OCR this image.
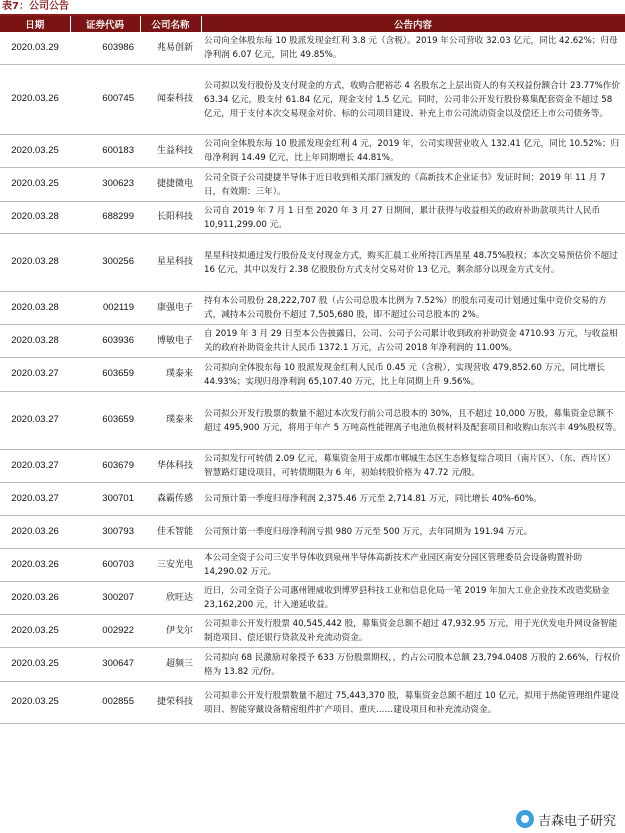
表7：公司公告
日期	证券代码	公司名称	公告内容

2020.03.29	603986	兆易创新	公司向全体股东每 10 股派发现金红利 3.8 元（含税）。2019 年公司营收 32.03 亿元，同比 42.62%；归母净利润 6.07 亿元，同比 49.85%。

2020.03.26	600745	闻泰科技	公司拟以发行股份及支付现金的方式，收购合肥裕芯 4 名股东之上层出资人的有关权益份额合计 23.77%作价 63.34 亿元，股支付 61.84 亿元，现金支付 1.5 亿元。同时，公司非公开发行股份募集配套资金不超过 58 亿元，用于支付本次交易现金对价、标的公司项目建设、补充上市公司流动资金以及偿还上市公司债务等。

2020.03.25	600183	生益科技	公司向全体股东每 10 股派发现金红利 4 元，2019 年，公司实现营业收入 132.41 亿元，同比 10.52%；归母净利润 14.49 亿元，比上年同期增长 44.81%。

2020.03.25	300623	捷捷微电	公司全资子公司捷捷半导体于近日收到相关部门颁发的《高新技术企业证书》发证时间：2019 年 11 月 7 日，有效期：三年）。

2020.03.28	688299	长阳科技	公司自 2019 年 7 月 1 日至 2020 年 3 月 27 日期间，累计获得与收益相关的政府补助款项共计人民币 10,911,299.00 元。

2020.03.28	300256	星星科技	星星科技拟通过发行股份及支付现金方式，购买汇晨工业所持江西星星 48.75%股权；本次交易预估价不超过 16 亿元，其中以发行 2.38 亿股股份方式支付交易对价 13 亿元，剩余部分以现金方式支付。

2020.03.28	002119	康强电子	持有本公司股份 28,222,707 股（占公司总股本比例为 7.52%）的股东司麦司计划通过集中竞价交易的方式，减持本公司股份不超过 7,505,680 股，即不超过公司总股本的 2%。

2020.03.28	603936	博敏电子	自 2019 年 3 月 29 日至本公告披露日，公司、公司子公司累计收到政府补助资金 4710.93 万元，与收益相关的政府补助资金共计人民币 1372.1 万元，占公司 2018 年净利润的 11.00%。

2020.03.27	603659	璞泰来	公司拟向全体股东每 10 股派发现金红利人民币 0.45 元（含税），实现营收 479,852.60 万元，同比增长 44.93%；实现归母净利润 65,107.40 万元，比上年同期上升 9.56%。

2020.03.27	603659	璞泰来	公司拟公开发行股票的数量不超过本次发行前公司总股本的 30%，且不超过 10,000 万股，募集资金总额不超过 495,900 万元，将用于年产 5 万吨高性能锂离子电池负极材料及配套项目和收购山东兴丰 49%股权等。

2020.03.27	603679	华体科技	公司拟发行可转债 2.09 亿元，募集资金用于成都市郫城生态区生态修复综合项目（南片区）、（东、西片区）智慧路灯建设项目，可转债期限为 6 年，初始转股价格为 47.72 元/股。

2020.03.27	300701	森霸传感	公司预计第一季度归母净利润 2,375.46 万元至 2,714.81 万元，同比增长 40%-60%。

2020.03.26	300793	佳禾智能	公司预计第一季度归母净利润亏损 980 万元至 500 万元，去年同期为 191.94 万元。

2020.03.26	600703	三安光电	本公司全资子公司三安半导体收到泉州半导体高新技术产业园区南安分园区管理委员会设备购置补助 14,290.02 万元。

2020.03.26	300207	欣旺达	近日，公司全资子公司惠州锂威收到博罗县科技工业和信息化局一笔 2019 年加大工业企业技术改造奖励金 23,162,200 元，计入递延收益。

2020.03.25	002922	伊戈尔	公司拟非公开发行股票 40,545,442 股，募集资金总额不超过 47,932.95 万元，用于光伏发电升网设备智能制造项目、偿还银行贷款及补充流动资金。

2020.03.25	300647	超频三	公司拟向 68 民激励对象授予 633 万份股票期权，，约占公司股本总额 23,794.0408 万股的 2.66%，行权价格为 13.82 元/份。

2020.03.25	002855	捷荣科技	公司拟非公开发行股票数量不超过 75,443,370 股，募集资金总额不超过 10 亿元，拟用于热能管理组件建设项目、智能穿戴设备精密组件扩产项目、重庆……建设项目和补充流动资金。
吉森电子研究
